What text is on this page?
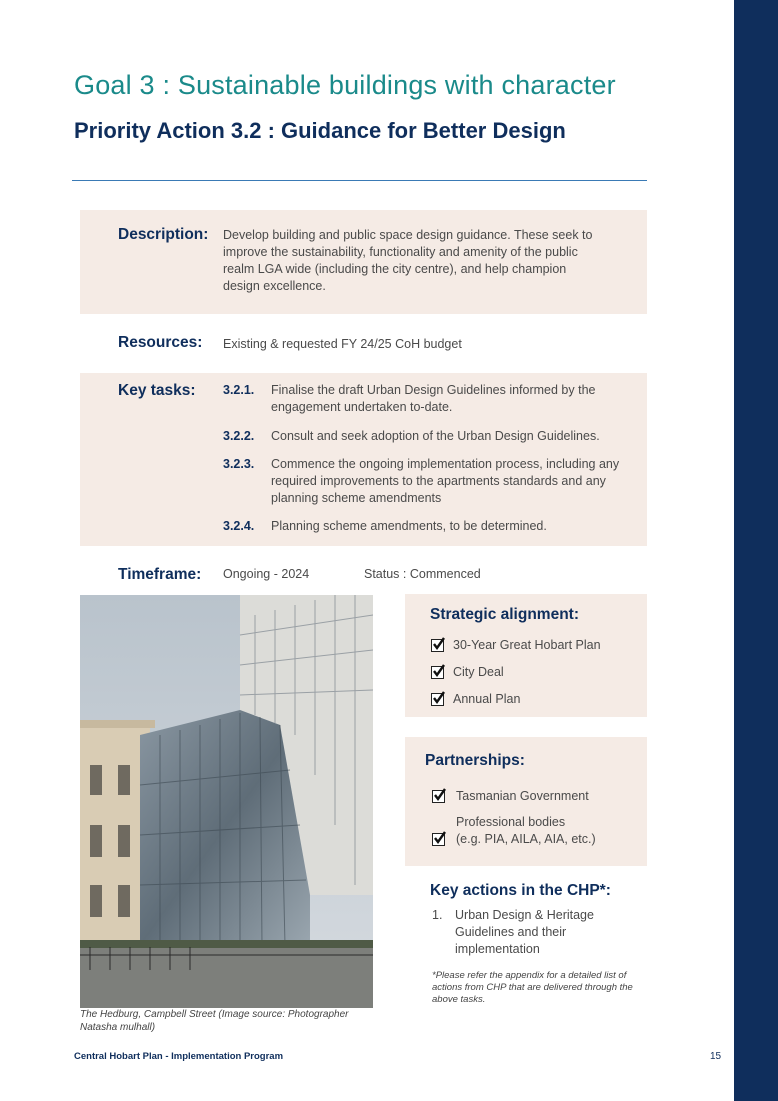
Goal 3 : Sustainable buildings with character
Priority Action 3.2 : Guidance for Better Design
Description: Develop building and public space design guidance. These seek to improve the sustainability, functionality and amenity of the public realm LGA wide (including the city centre), and help champion design excellence.
Resources: Existing & requested FY 24/25 CoH budget
Key tasks: 3.2.1.	Finalise the draft Urban Design Guidelines informed by the engagement undertaken to-date.
3.2.2.	Consult and seek adoption of the Urban Design Guidelines.
3.2.3.	Commence the ongoing implementation process, including any required improvements to the apartments standards and any planning scheme amendments
3.2.4.	Planning scheme amendments, to be determined.
Timeframe: Ongoing - 2024	Status : Commenced
The Hedburg, Campbell Street (Image source: Photographer Natasha mulhall)
Strategic alignment:
30-Year Great Hobart Plan
City Deal
Annual Plan
Partnerships:
Tasmanian Government
Professional bodies
(e.g. PIA, AILA, AIA, etc.)
Key actions in the CHP*:
1.	Urban Design & Heritage Guidelines and their implementation
*Please refer the appendix for a detailed list of actions from CHP that are delivered through the above tasks.
Central Hobart Plan - Implementation Program	15
